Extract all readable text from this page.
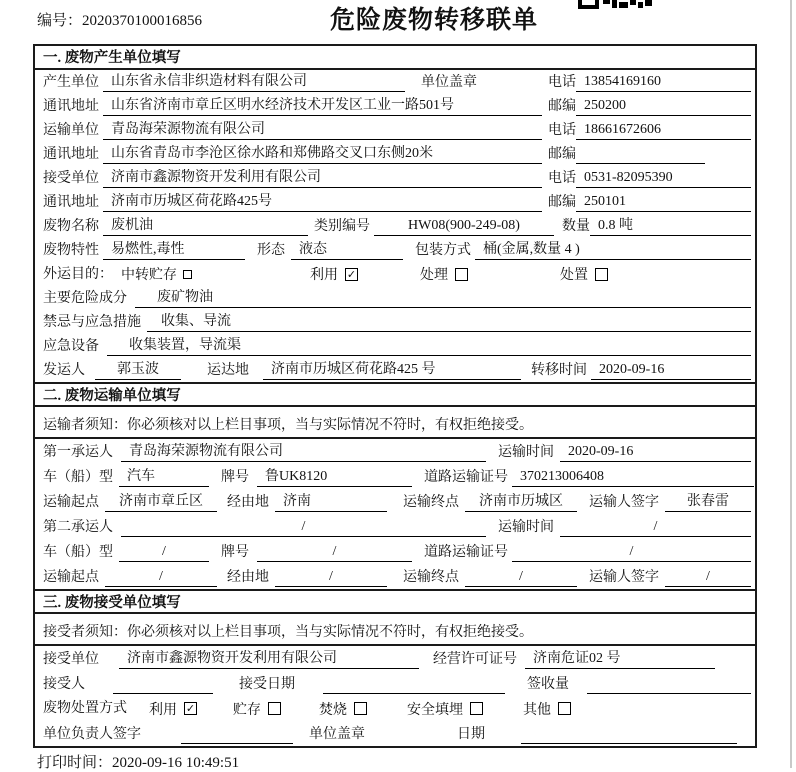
编号：2020370100016856	危险废物转移联单
一. 废物产生单位填写
产生单位 山东省永信非织造材料有限公司	单位盖章	电话 13854169160
通讯地址 山东省济南市章丘区明水经济技术开发区工业一路501号	邮编 250200
运输单位 青岛海荣源物流有限公司	电话 18661672606
通讯地址 山东省青岛市李沧区徐水路和郑佛路交叉口东侧20米	邮编
接受单位 济南市鑫源物资开发利用有限公司	电话 0531-82095390
通讯地址 济南市历城区荷花路425号	邮编 250101
废物名称 废机油	类别编号	HW08(900-249-08)	数量 0.8 吨
废物特性 易燃性,毒性	形态	液态	包装方式 桶(金属,数量 4 )
外运目的： 中转贮存	利用 ✓	处理	处置
主要危险成分	废矿物油
禁忌与应急措施	收集、导流
应急设备	收集装置，导流渠
发运人	郭玉波	运达地	济南市历城区荷花路425 号	转移时间 2020-09-16
二. 废物运输单位填写
运输者须知：你必须核对以上栏目事项，当与实际情况不符时，有权拒绝接受。
第一承运人	青岛海荣源物流有限公司	运输时间	2020-09-16
车（船）型	汽车	牌号	鲁UK8120	道路运输证号 370213006408
运输起点	济南市章丘区	经由地	济南	运输终点	济南市历城区	运输人签字	张春雷
第二承运人	/	运输时间	/
车（船）型	/	牌号	/	道路运输证号	/
运输起点	/	经由地	/	运输终点	/	运输人签字	/
三. 废物接受单位填写
接受者须知：你必须核对以上栏目事项，当与实际情况不符时，有权拒绝接受。
接受单位	济南市鑫源物资开发利用有限公司	经营许可证号	济南危证02 号
接受人	接受日期	签收量
废物处置方式 利用 ✓	贮存	焚烧	安全填埋	其他
单位负责人签字	单位盖章	日期
打印时间：2020-09-16 10:49:51
